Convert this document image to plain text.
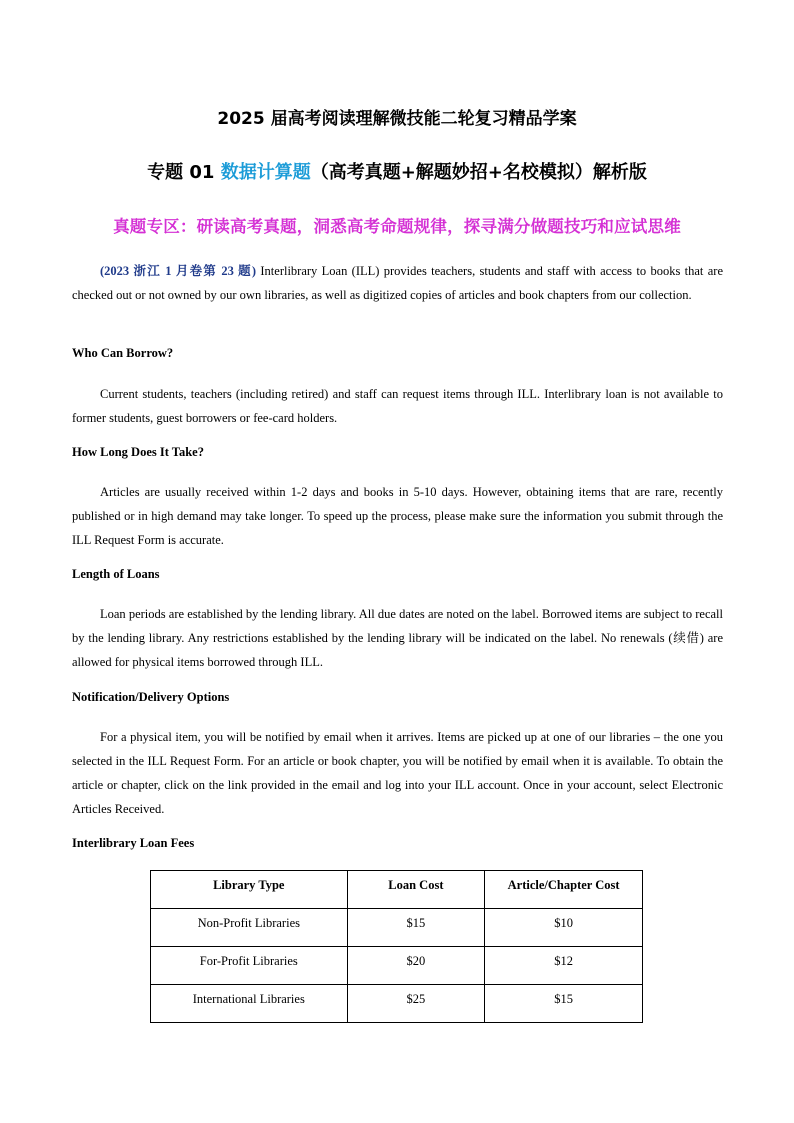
2025 届高考阅读理解微技能二轮复习精品学案
专题 01 数据计算题（高考真题+解题妙招+名校模拟）解析版
真题专区：研读高考真题，洞悉高考命题规律，探寻满分做题技巧和应试思维

(2023 浙江 1 月卷第 23 题) Interlibrary Loan (ILL) provides teachers, students and staff with access to books that are checked out or not owned by our own libraries, as well as digitized copies of articles and book chapters from our collection.

Who Can Borrow?

Current students, teachers (including retired) and staff can request items through ILL. Interlibrary loan is not available to former students, guest borrowers or fee-card holders.

How Long Does It Take?

Articles are usually received within 1-2 days and books in 5-10 days. However, obtaining items that are rare, recently published or in high demand may take longer. To speed up the process, please make sure the information you submit through the ILL Request Form is accurate.

Length of Loans

Loan periods are established by the lending library. All due dates are noted on the label. Borrowed items are subject to recall by the lending library. Any restrictions established by the lending library will be indicated on the label. No renewals (续借) are allowed for physical items borrowed through ILL.

Notification/Delivery Options

For a physical item, you will be notified by email when it arrives. Items are picked up at one of our libraries – the one you selected in the ILL Request Form. For an article or book chapter, you will be notified by email when it is available. To obtain the article or chapter, click on the link provided in the email and log into your ILL account. Once in your account, select Electronic Articles Received.

Interlibrary Loan Fees
Library Type	Loan Cost	Article/Chapter Cost
Non-Profit Libraries	$15	$10
For-Profit Libraries	$20	$12
International Libraries	$25	$15
